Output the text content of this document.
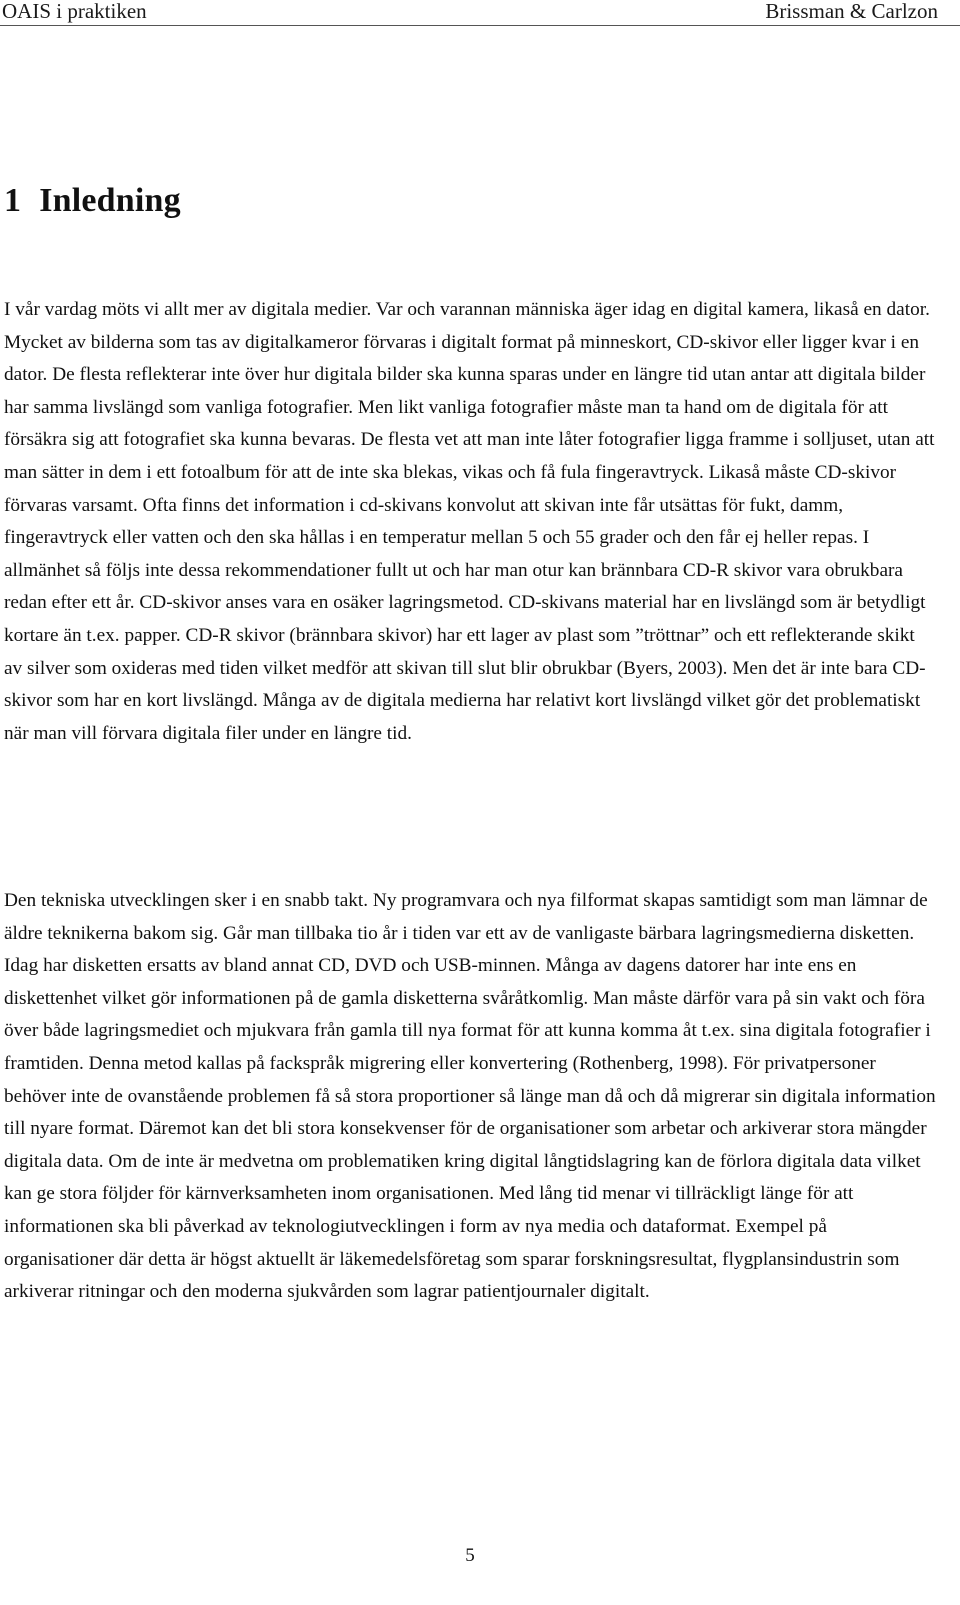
OAIS i praktiken	Brissman & Carlzon
1 Inledning

I vår vardag möts vi allt mer av digitala medier. Var och varannan människa äger idag en digital kamera, likaså en dator. Mycket av bilderna som tas av digitalkameror förvaras i digitalt format på minneskort, CD-skivor eller ligger kvar i en dator. De flesta reflekterar inte över hur digitala bilder ska kunna sparas under en längre tid utan antar att digitala bilder har samma livslängd som vanliga fotografier. Men likt vanliga fotografier måste man ta hand om de digitala för att försäkra sig att fotografiet ska kunna bevaras. De flesta vet att man inte låter fotografier ligga framme i solljuset, utan att man sätter in dem i ett fotoalbum för att de inte ska blekas, vikas och få fula fingeravtryck. Likaså måste CD-skivor förvaras varsamt. Ofta finns det information i cd-skivans konvolut att skivan inte får utsättas för fukt, damm, fingeravtryck eller vatten och den ska hållas i en temperatur mellan 5 och 55 grader och den får ej heller repas. I allmänhet så följs inte dessa rekommendationer fullt ut och har man otur kan brännbara CD-R skivor vara obrukbara redan efter ett år. CD-skivor anses vara en osäker lagringsmetod. CD-skivans material har en livslängd som är betydligt kortare än t.ex. papper. CD-R skivor (brännbara skivor) har ett lager av plast som ”tröttnar” och ett reflekterande skikt av silver som oxideras med tiden vilket medför att skivan till slut blir obrukbar (Byers, 2003). Men det är inte bara CD-skivor som har en kort livslängd. Många av de digitala medierna har relativt kort livslängd vilket gör det problematiskt när man vill förvara digitala filer under en längre tid.

Den tekniska utvecklingen sker i en snabb takt. Ny programvara och nya filformat skapas samtidigt som man lämnar de äldre teknikerna bakom sig. Går man tillbaka tio år i tiden var ett av de vanligaste bärbara lagringsmedierna disketten. Idag har disketten ersatts av bland annat CD, DVD och USB-minnen. Många av dagens datorer har inte ens en diskettenhet vilket gör informationen på de gamla disketterna svåråtkomlig. Man måste därför vara på sin vakt och föra över både lagringsmediet och mjukvara från gamla till nya format för att kunna komma åt t.ex. sina digitala fotografier i framtiden. Denna metod kallas på fackspråk migrering eller konvertering (Rothenberg, 1998). För privatpersoner behöver inte de ovanstående problemen få så stora proportioner så länge man då och då migrerar sin digitala information till nyare format. Däremot kan det bli stora konsekvenser för de organisationer som arbetar och arkiverar stora mängder digitala data. Om de inte är medvetna om problematiken kring digital långtidslagring kan de förlora digitala data vilket kan ge stora följder för kärnverksamheten inom organisationen. Med lång tid menar vi tillräckligt länge för att informationen ska bli påverkad av teknologiutvecklingen i form av nya media och dataformat. Exempel på organisationer där detta är högst aktuellt är läkemedelsföretag som sparar forskningsresultat, flygplansindustrin som arkiverar ritningar och den moderna sjukvården som lagrar patientjournaler digitalt.

5
